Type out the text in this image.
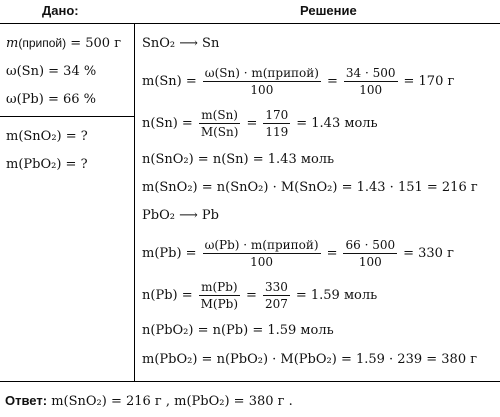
Дано:	Решение
m(припой) = 500 г
ω(Sn) = 34 %
ω(Pb) = 66 %
m(SnO₂) = ?
m(PbO₂) = ?
SnO₂ ⟶ Sn
$m(Sn) = \frac{\text{ω(Sn) · m(припой)}}{100} = \frac{34 \cdot 500}{100} = 170$ г
$n(Sn) = \frac{m(Sn)}{M(Sn)} = \frac{170}{119} = 1.43$ моль
n(SnO₂) = n(Sn) = 1.43 моль
m(SnO₂) = n(SnO₂) · M(SnO₂) = 1.43 · 151 = 216 г
PbO₂ ⟶ Pb
$m(Pb) = \frac{\text{ω(Pb) · m(припой)}}{100} = \frac{66 \cdot 500}{100} = 330$ г
$n(Pb) = \frac{m(Pb)}{M(Pb)} = \frac{330}{207} = 1.59$ моль
n(PbO₂) = n(Pb) = 1.59 моль
m(PbO₂) = n(PbO₂) · M(PbO₂) = 1.59 · 239 = 380 г
Ответ: m(SnO₂) = 216 г , m(PbO₂) = 380 г .
